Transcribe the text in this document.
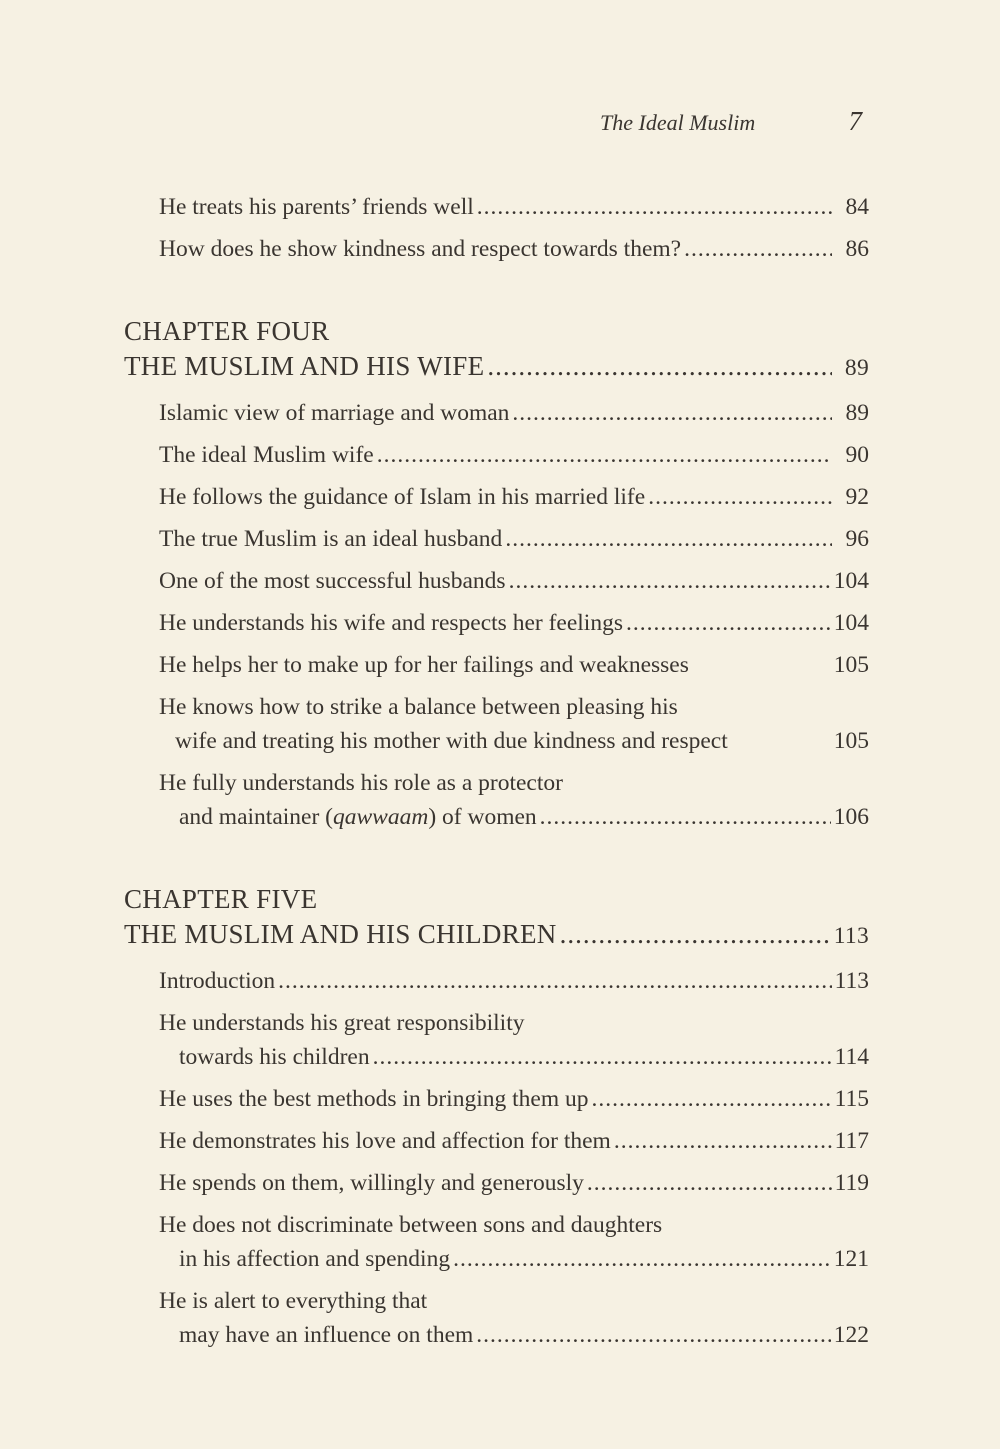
The Ideal Muslim	7
He treats his parents’ friends well .....	84
How does he show kindness and respect towards them? .....	86
CHAPTER FOUR
THE MUSLIM AND HIS WIFE .....	89
Islamic view of marriage and woman .....	89
The ideal Muslim wife .....	90
He follows the guidance of Islam in his married life .....	92
The true Muslim is an ideal husband .....	96
One of the most successful husbands .....	104
He understands his wife and respects her feelings .....	104
He helps her to make up for her failings and weaknesses	105
He knows how to strike a balance between pleasing his
wife and treating his mother with due kindness and respect	105
He fully understands his role as a protector
and maintainer (qawwaam) of women .....	106
CHAPTER FIVE
THE MUSLIM AND HIS CHILDREN .....	113
Introduction .....	113
He understands his great responsibility
towards his children .....	114
He uses the best methods in bringing them up .....	115
He demonstrates his love and affection for them .....	117
He spends on them, willingly and generously .....	119
He does not discriminate between sons and daughters
in his affection and spending .....	121
He is alert to everything that
may have an influence on them .....	122
